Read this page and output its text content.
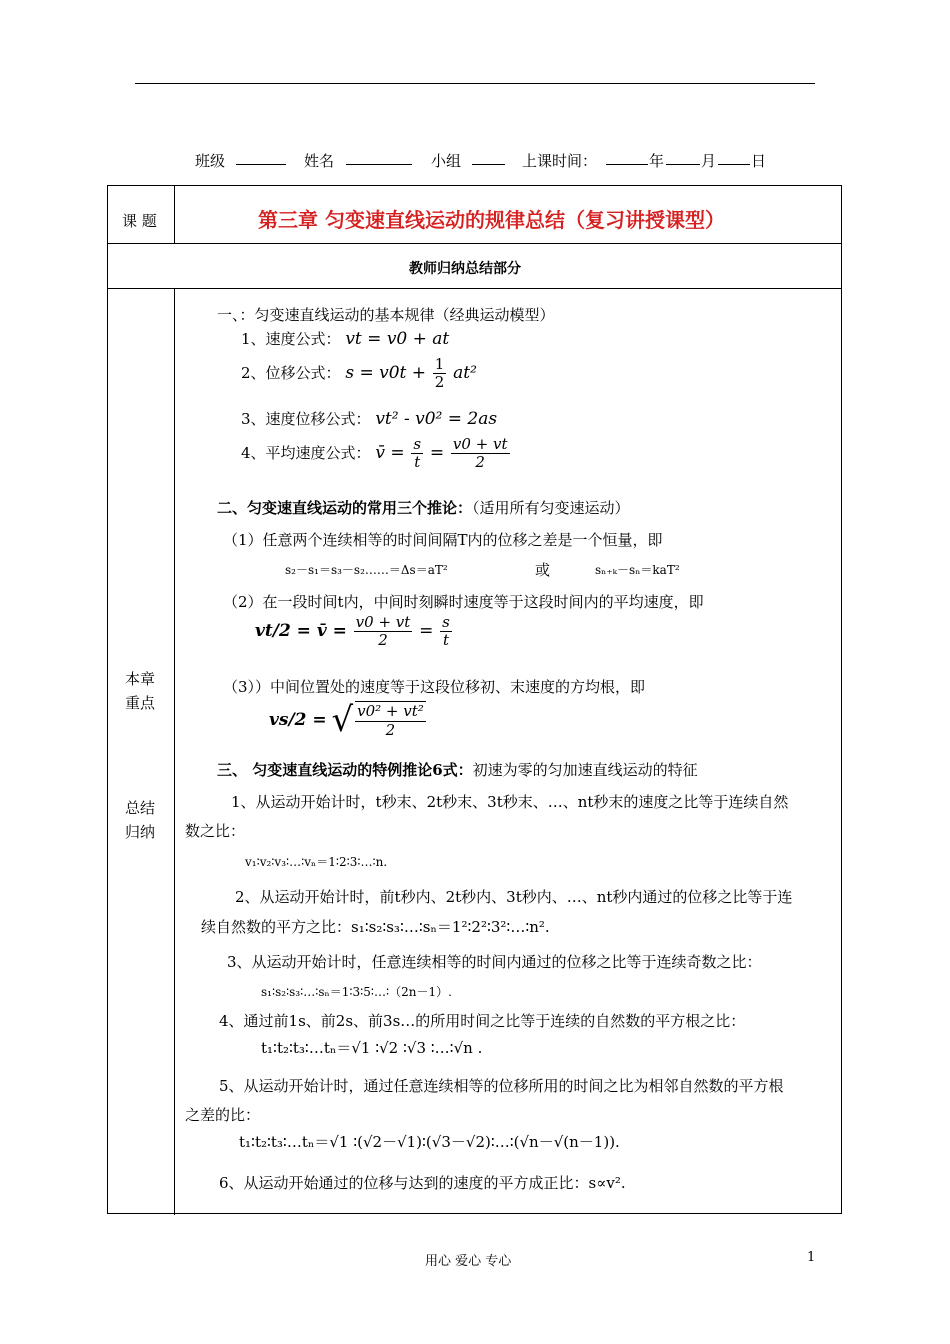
班级	姓名	小组	上课时间：	年 月 日
课 题	第三章 匀变速直线运动的规律总结（复习讲授课型）
教师归纳总结部分
本章
重点
总结
归纳
一、：匀变速直线运动的基本规律（经典运动模型）
1、速度公式： vt = v0 + at
2、位移公式： $s = v0t + \frac{1}{2} at^2$
3、速度位移公式： vt² - v0² = 2as
4、平均速度公式： v̄ = $\frac{s}{t} = \frac{v0 + vt}{2}$
二、匀变速直线运动的常用三个推论：（适用所有匀变速运动）
（1）任意两个连续相等的时间间隔T内的位移之差是一个恒量，即
s₂－s₁＝s₃－s₂……＝Δs＝aT²	或	sₙ₊ₖ－sₙ＝kaT²
（2）在一段时间t内，中间时刻瞬时速度等于这段时间内的平均速度，即
vt/2 = v̄ = $\frac{v0 + vt}{2} = \frac{s}{t}$
（3））中间位置处的速度等于这段位移初、末速度的方均根，即
vs/2 = √ $\frac{\text{v0² + vt²}}{2}$
三、 匀变速直线运动的特例推论6式：初速为零的匀加速直线运动的特征
1、从运动开始计时，t秒末、2t秒末、3t秒末、…、nt秒末的速度之比等于连续自然
数之比：
v₁∶v₂∶v₃∶…∶vₙ＝1∶2∶3∶…∶n.
2、从运动开始计时，前t秒内、2t秒内、3t秒内、…、nt秒内通过的位移之比等于连
续自然数的平方之比：s₁∶s₂∶s₃∶…∶sₙ＝1²∶2²∶3²∶…∶n².
3、从运动开始计时，任意连续相等的时间内通过的位移之比等于连续奇数之比：
s₁∶s₂∶s₃∶…∶sₙ＝1∶3∶5∶…∶（2n－1）.
4、通过前1s、前2s、前3s…的所用时间之比等于连续的自然数的平方根之比：
t₁∶t₂∶t₃∶…tₙ＝√1 ∶√2 ∶√3 ∶…∶√n .
5、从运动开始计时，通过任意连续相等的位移所用的时间之比为相邻自然数的平方根
之差的比：
t₁∶t₂∶t₃∶…tₙ＝√1 ∶(√2－√1)∶(√3－√2)∶…∶(√n－√(n－1)).
6、从运动开始通过的位移与达到的速度的平方成正比：s∝v².
用心 爱心 专心	1
